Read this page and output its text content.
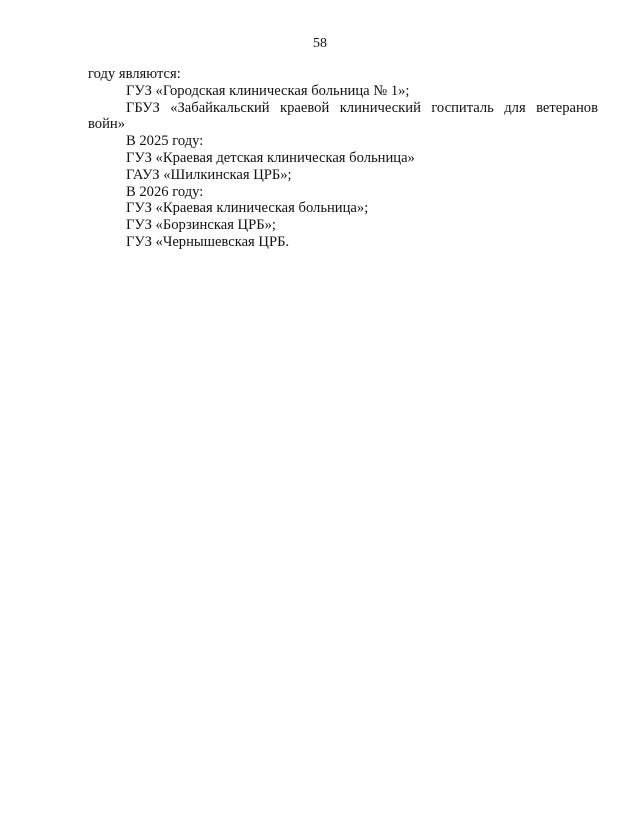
58
году являются:
ГУЗ «Городская клиническая больница № 1»;
ГБУЗ «Забайкальский краевой клинический госпиталь для ветеранов
войн»
В 2025 году:
ГУЗ «Краевая детская клиническая больница»
ГАУЗ «Шилкинская ЦРБ»;
В 2026 году:
ГУЗ «Краевая клиническая больница»;
ГУЗ «Борзинская ЦРБ»;
ГУЗ «Чернышевская ЦРБ.
